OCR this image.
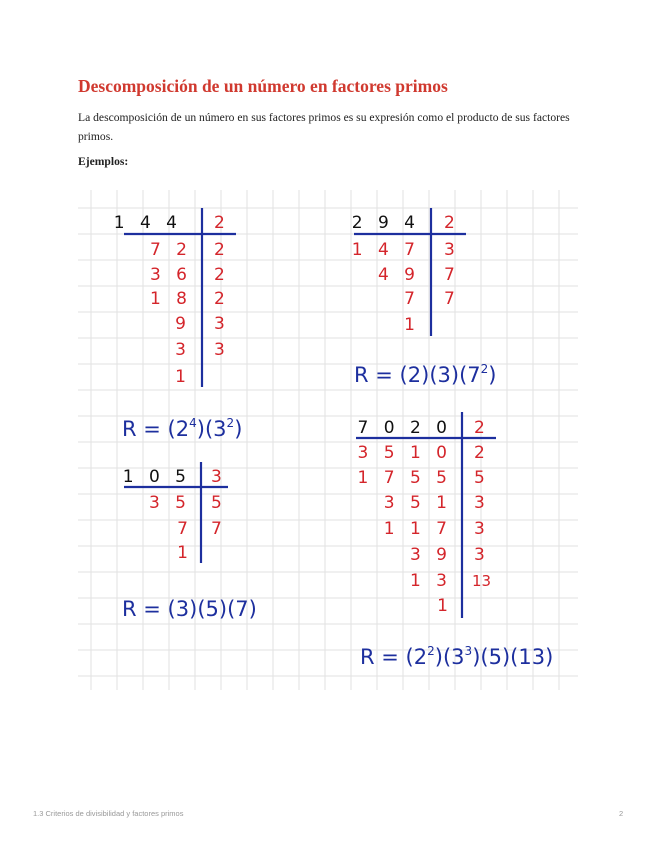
Descomposición de un número en factores primos

La descomposición de un número en sus factores primos es su expresión como el producto de sus factores primos.

Ejemplos:

1 4 4
7 2
3 6
1 8
9
3
1
2
2
2
2
3
3
$R = (2^4)(3^2)$
2 9 4
1 4 7
4 9
7
1
2
3
7
7
$R = (2)(3)(7^2)$
1 0 5
3 5
7
1
3
5
7
R = (3)(5)(7)
7 0 2 0
3 5 1 0
1 7 5 5
3 5 1
1 1 7
3 9
1 3
1
2
2
5
3
3
3
13
$R = (2^2)(3^3)(5)(13)$
1.3 Criterios de divisibilidad y factores primos	2
